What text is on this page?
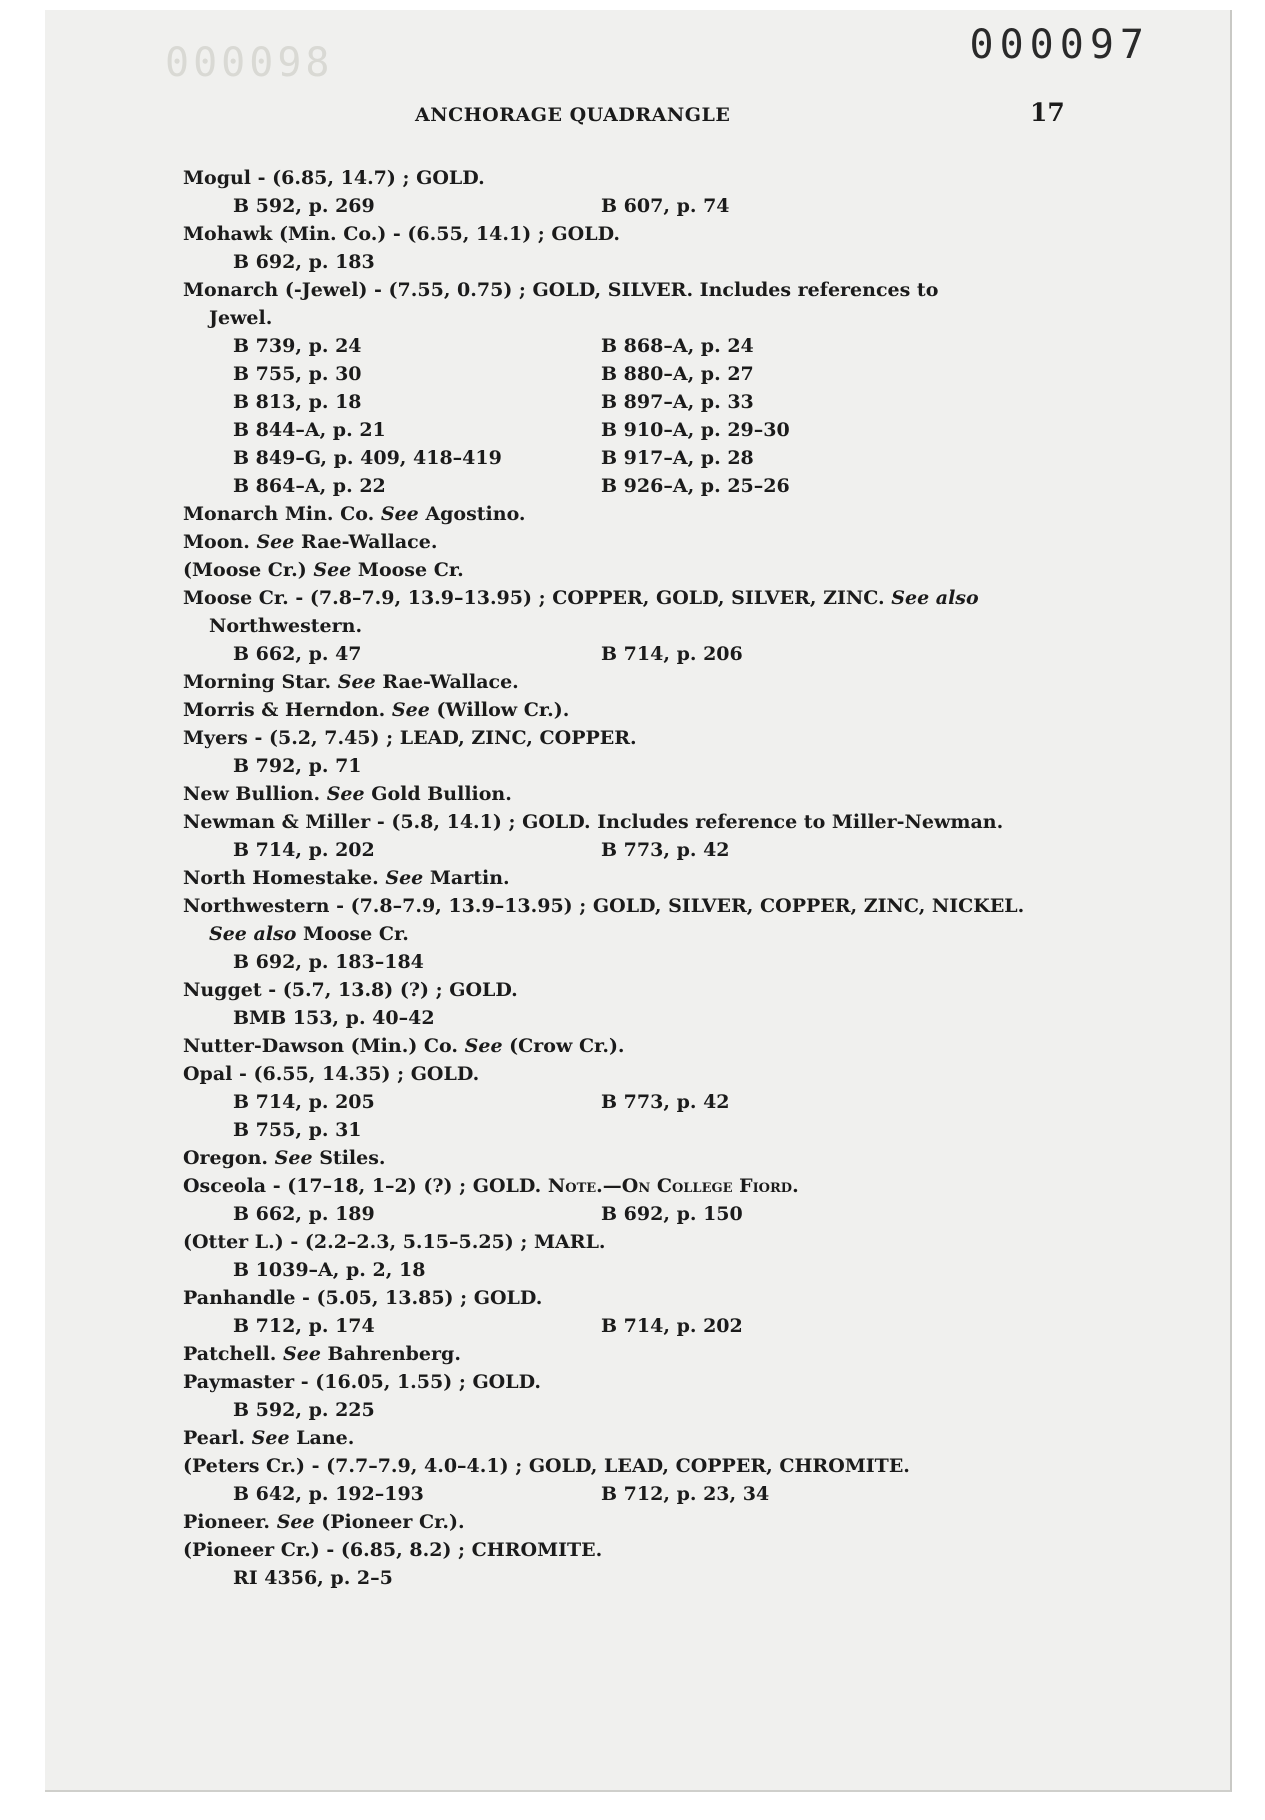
000098	000097
ANCHORAGE QUADRANGLE	17
Mogul - (6.85, 14.7) ; GOLD.
B 592, p. 269	B 607, p. 74
Mohawk (Min. Co.) - (6.55, 14.1) ; GOLD.
B 692, p. 183
Monarch (-Jewel) - (7.55, 0.75) ; GOLD, SILVER. Includes references to
Jewel.
B 739, p. 24	B 868–A, p. 24
B 755, p. 30	B 880–A, p. 27
B 813, p. 18	B 897–A, p. 33
B 844–A, p. 21	B 910–A, p. 29–30
B 849–G, p. 409, 418–419	B 917–A, p. 28
B 864–A, p. 22	B 926–A, p. 25–26
Monarch Min. Co. See Agostino.
Moon. See Rae-Wallace.
(Moose Cr.) See Moose Cr.
Moose Cr. - (7.8–7.9, 13.9–13.95) ; COPPER, GOLD, SILVER, ZINC. See also
Northwestern.
B 662, p. 47	B 714, p. 206
Morning Star. See Rae-Wallace.
Morris & Herndon. See (Willow Cr.).
Myers - (5.2, 7.45) ; LEAD, ZINC, COPPER.
B 792, p. 71
New Bullion. See Gold Bullion.
Newman & Miller - (5.8, 14.1) ; GOLD. Includes reference to Miller-Newman.
B 714, p. 202	B 773, p. 42
North Homestake. See Martin.
Northwestern - (7.8–7.9, 13.9–13.95) ; GOLD, SILVER, COPPER, ZINC, NICKEL.
See also Moose Cr.
B 692, p. 183–184
Nugget - (5.7, 13.8) (?) ; GOLD.
BMB 153, p. 40–42
Nutter-Dawson (Min.) Co. See (Crow Cr.).
Opal - (6.55, 14.35) ; GOLD.
B 714, p. 205	B 773, p. 42
B 755, p. 31
Oregon. See Stiles.
Osceola - (17–18, 1–2) (?) ; GOLD. Note.—On College Fiord.
B 662, p. 189	B 692, p. 150
(Otter L.) - (2.2–2.3, 5.15–5.25) ; MARL.
B 1039–A, p. 2, 18
Panhandle - (5.05, 13.85) ; GOLD.
B 712, p. 174	B 714, p. 202
Patchell. See Bahrenberg.
Paymaster - (16.05, 1.55) ; GOLD.
B 592, p. 225
Pearl. See Lane.
(Peters Cr.) - (7.7–7.9, 4.0–4.1) ; GOLD, LEAD, COPPER, CHROMITE.
B 642, p. 192–193	B 712, p. 23, 34
Pioneer. See (Pioneer Cr.).
(Pioneer Cr.) - (6.85, 8.2) ; CHROMITE.
RI 4356, p. 2–5
